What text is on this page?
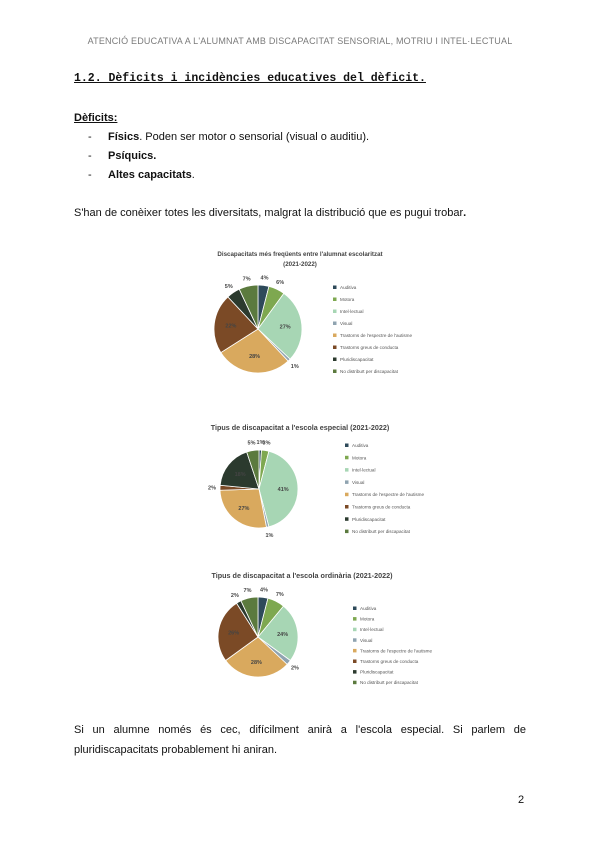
ATENCIÓ EDUCATIVA A L'ALUMNAT AMB DISCAPACITAT SENSORIAL, MOTRIU I INTEL·LECTUAL
1.2. Dèficits i incidències educatives del dèficit.
Dèficits:
- Físics. Poden ser motor o sensorial (visual o auditiu).
- Psíquics.
- Altes capacitats.
S'han de conèixer totes les diversitats, malgrat la distribució que es pugui trobar.
Discapacitats més freqüents entre l'alumnat escolaritzat
(2021-2022)
4%
6%
27%
1%
28%
22%
5%
7%
Auditiva
Motora
Intel·lectual
Visual
Trastorns de l'espectre de l'autisme
Trastorns greus de conducta
Pluridiscapacitat
No distribuït per discapacitat
Tipus de discapacitat a l'escola especial (2021-2022)
1%
3%
41%
1%
27%
2%
18%
5%	Auditiva
Motora
Intel·lectual
Visual
Trastorns de l'espectre de l'autisme
Trastorns greus de conducta
Pluridiscapacitat
No distribuït per discapacitat
Tipus de discapacitat a l'escola ordinària (2021-2022)
4%
7%
24%
2%
28%
26%
2%
7%
Auditiva
Motora
Intel·lectual
Visual
Trastorns de l'espectre de l'autisme
Trastorns greus de conducta
Pluridiscapacitat
No distribuït per discapacitat
Si un alumne només és cec, difícilment anirà a l'escola especial. Si parlem de pluridiscapacitats probablement hi aniran.
2
